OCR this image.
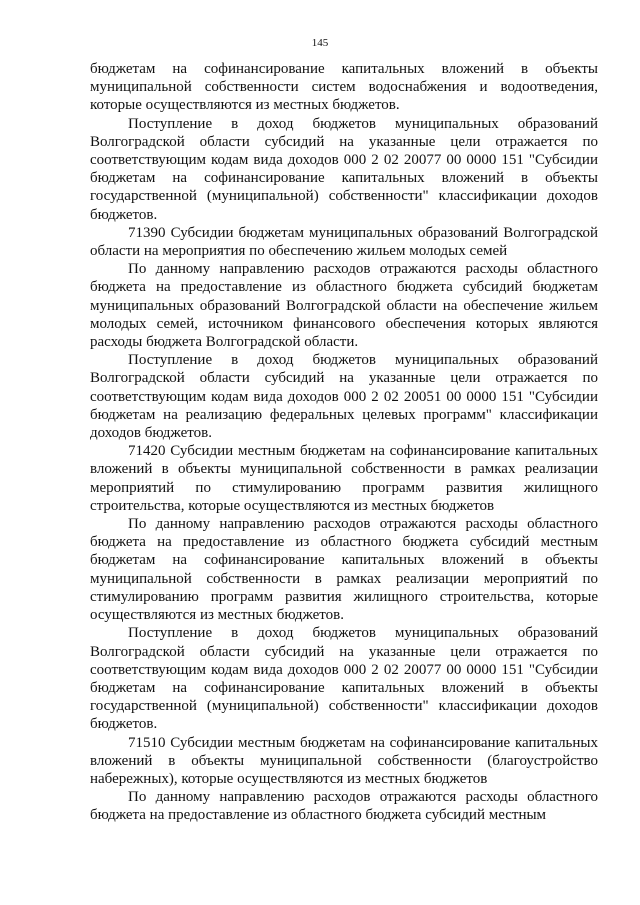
145

бюджетам на софинансирование капитальных вложений в объекты муниципальной собственности систем водоснабжения и водоотведения, которые осуществляются из местных бюджетов.

Поступление в доход бюджетов муниципальных образований Волгоградской области субсидий на указанные цели отражается по соответствующим кодам вида доходов 000 2 02 20077 00 0000 151 "Субсидии бюджетам на софинансирование капитальных вложений в объекты государственной (муниципальной) собственности" классификации доходов бюджетов.

71390 Субсидии бюджетам муниципальных образований Волгоградской области на мероприятия по обеспечению жильем молодых семей

По данному направлению расходов отражаются расходы областного бюджета на предоставление из областного бюджета субсидий бюджетам муниципальных образований Волгоградской области на обеспечение жильем молодых семей, источником финансового обеспечения которых являются расходы бюджета Волгоградской области.

Поступление в доход бюджетов муниципальных образований Волгоградской области субсидий на указанные цели отражается по соответствующим кодам вида доходов 000 2 02 20051 00 0000 151 "Субсидии бюджетам на реализацию федеральных целевых программ" классификации доходов бюджетов.

71420 Субсидии местным бюджетам на софинансирование капитальных вложений в объекты муниципальной собственности в рамках реализации мероприятий по стимулированию программ развития жилищного строительства, которые осуществляются из местных бюджетов

По данному направлению расходов отражаются расходы областного бюджета на предоставление из областного бюджета субсидий местным бюджетам на софинансирование капитальных вложений в объекты муниципальной собственности в рамках реализации мероприятий по стимулированию программ развития жилищного строительства, которые осуществляются из местных бюджетов.

Поступление в доход бюджетов муниципальных образований Волгоградской области субсидий на указанные цели отражается по соответствующим кодам вида доходов 000 2 02 20077 00 0000 151 "Субсидии бюджетам на софинансирование капитальных вложений в объекты государственной (муниципальной) собственности" классификации доходов бюджетов.

71510 Субсидии местным бюджетам на софинансирование капитальных вложений в объекты муниципальной собственности (благоустройство набережных), которые осуществляются из местных бюджетов

По данному направлению расходов отражаются расходы областного бюджета на предоставление из областного бюджета субсидий местным
